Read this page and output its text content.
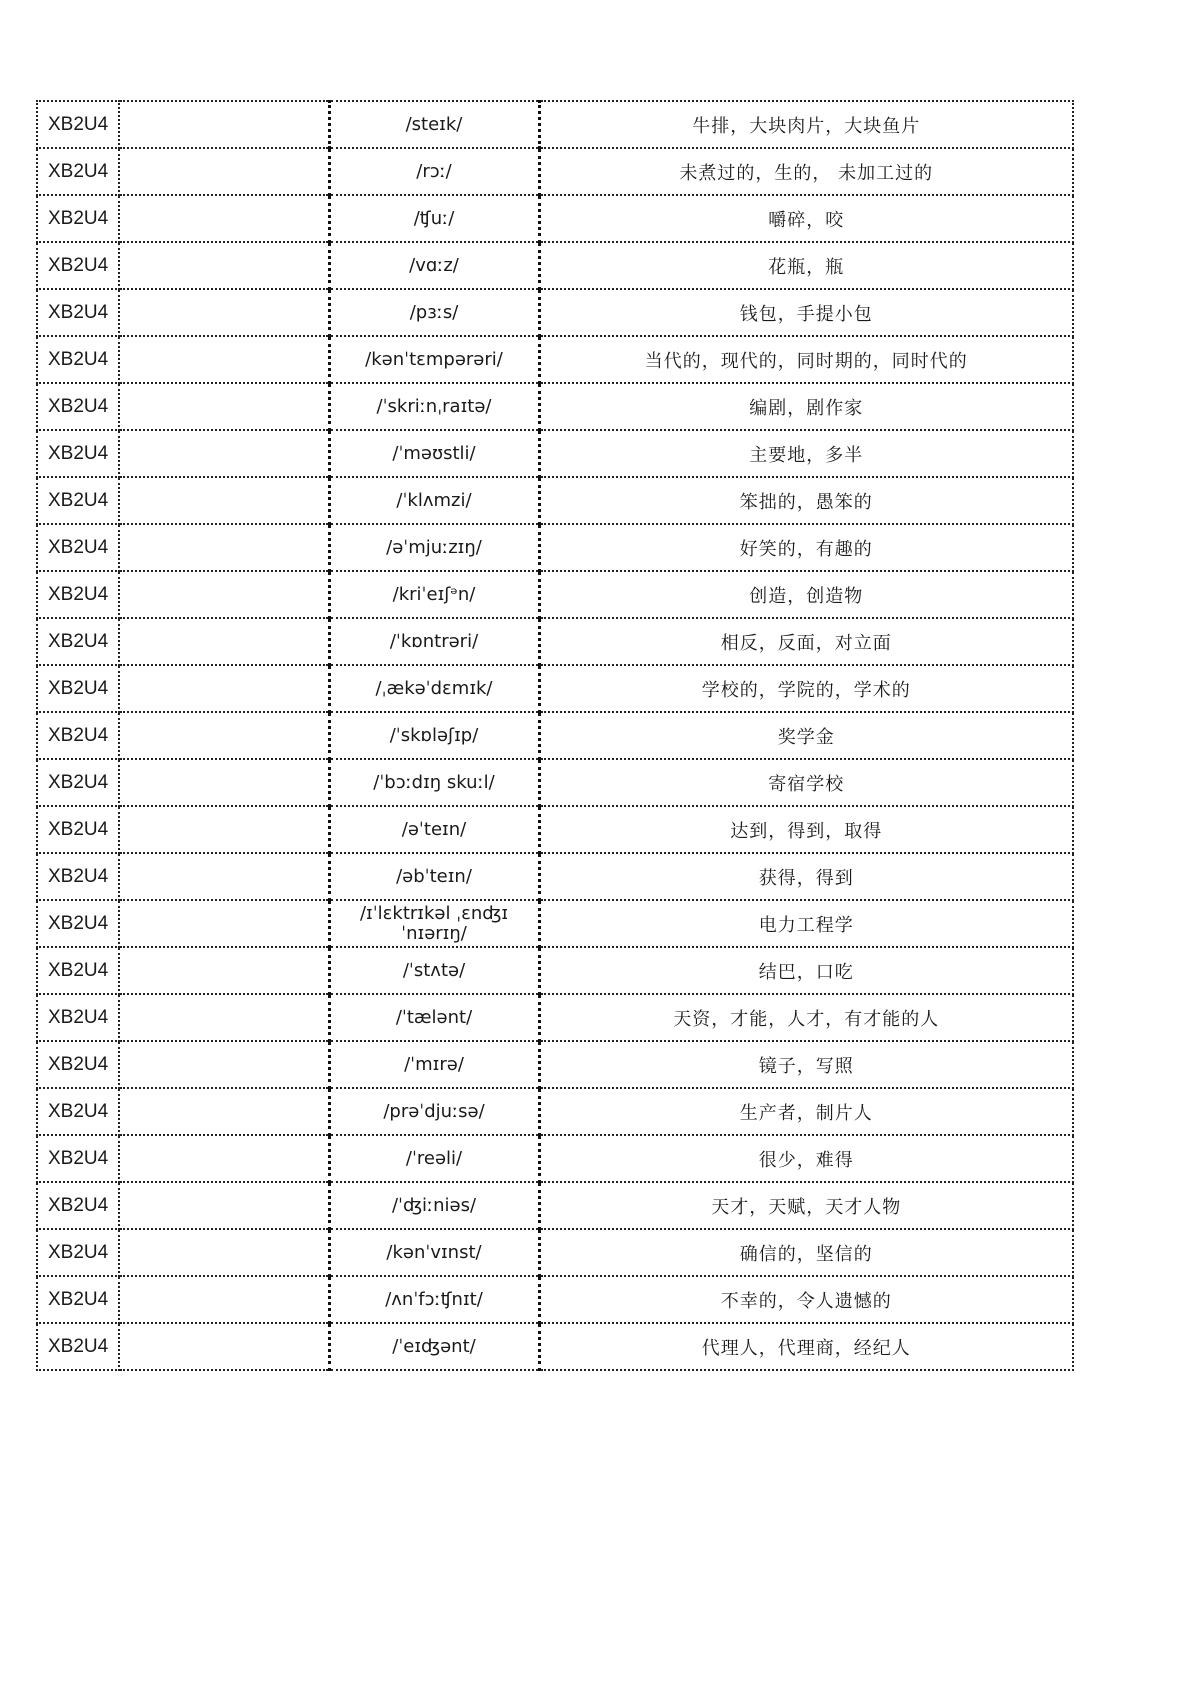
XB2U4		/steɪk/	牛排，大块肉片，大块鱼片
XB2U4		/rɔː/	未煮过的，生的， 未加工过的
XB2U4		/ʧuː/	嚼碎，咬
XB2U4		/vɑːz/	花瓶，瓶
XB2U4		/pɜːs/	钱包，手提小包
XB2U4		/kənˈtɛmpərəri/	当代的，现代的，同时期的，同时代的
XB2U4		/ˈskriːnˌraɪtə/	编剧，剧作家
XB2U4		/ˈməʊstli/	主要地，多半
XB2U4		/ˈklʌmzi/	笨拙的，愚笨的
XB2U4		/əˈmjuːzɪŋ/	好笑的，有趣的
XB2U4		/kriˈeɪʃᵊn/	创造，创造物
XB2U4		/ˈkɒntrəri/	相反，反面，对立面
XB2U4		/ˌækəˈdɛmɪk/	学校的，学院的，学术的
XB2U4		/ˈskɒləʃɪp/	奖学金
XB2U4		/ˈbɔːdɪŋ skuːl/	寄宿学校
XB2U4		/əˈteɪn/	达到，得到，取得
XB2U4		/əbˈteɪn/	获得，得到
XB2U4		/ɪˈlɛktrɪkəl ˌɛnʤɪˈnɪərɪŋ/	电力工程学
XB2U4		/ˈstʌtə/	结巴，口吃
XB2U4		/ˈtælənt/	天资，才能，人才，有才能的人
XB2U4		/ˈmɪrə/	镜子，写照
XB2U4		/prəˈdjuːsə/	生产者，制片人
XB2U4		/ˈreəli/	很少，难得
XB2U4		/ˈʤiːniəs/	天才，天赋，天才人物
XB2U4		/kənˈvɪnst/	确信的，坚信的
XB2U4		/ʌnˈfɔːʧnɪt/	不幸的，令人遗憾的
XB2U4		/ˈeɪʤənt/	代理人，代理商，经纪人
